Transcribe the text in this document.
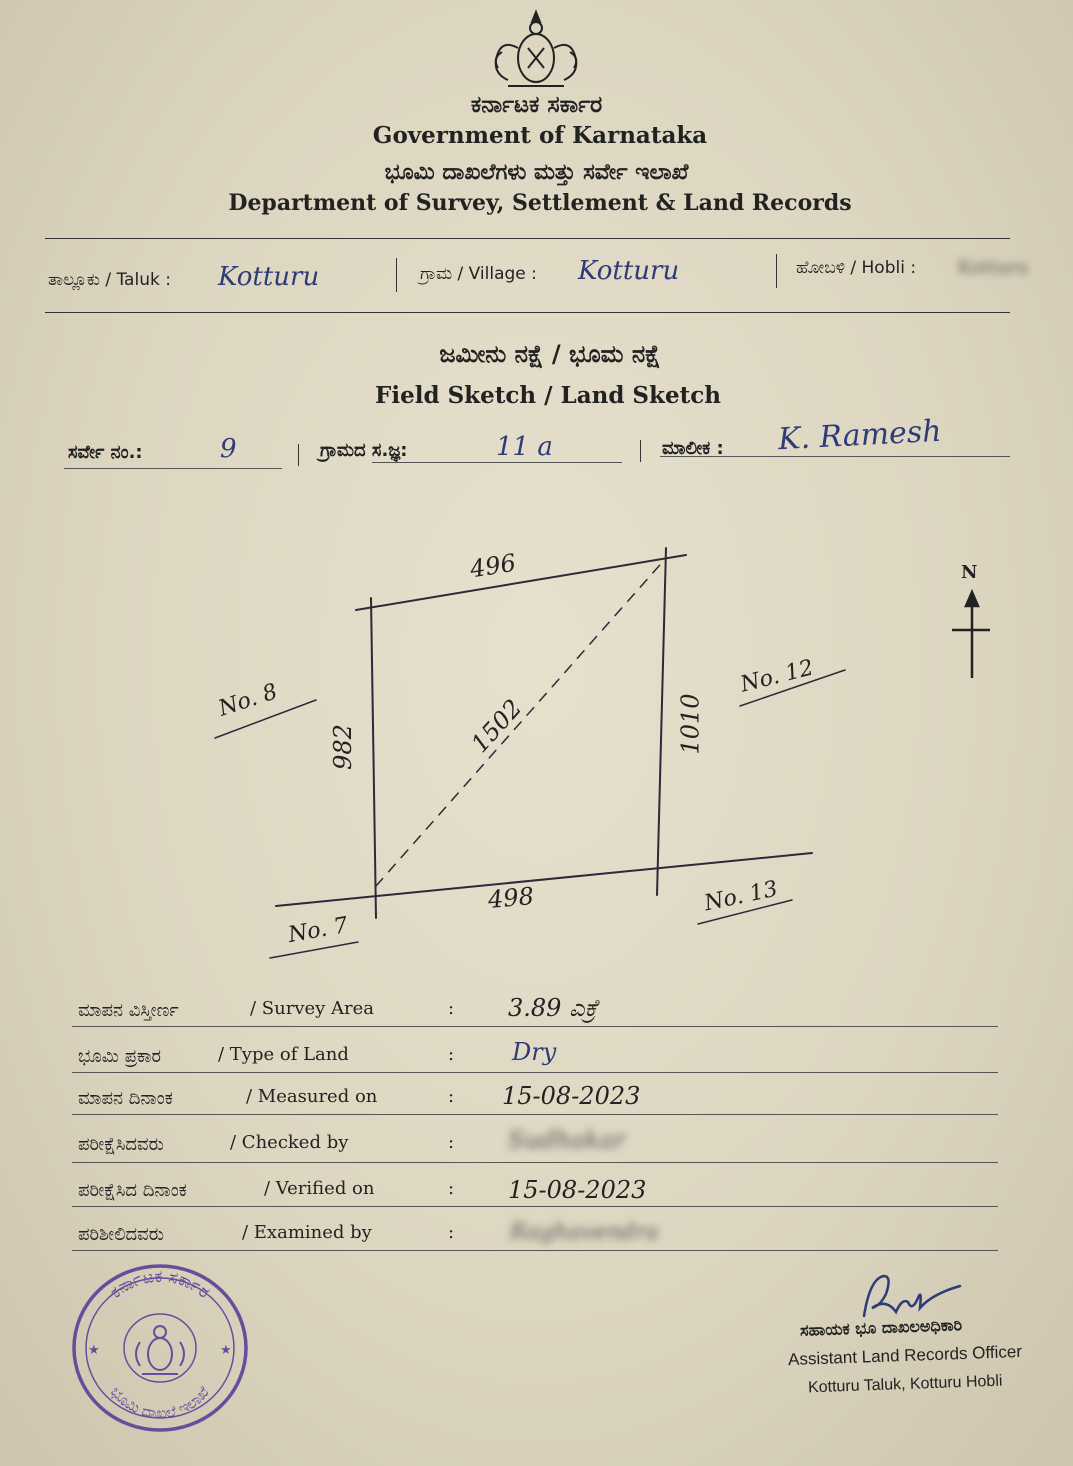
ಕರ್ನಾಟಕ ಸರ್ಕಾರ
Government of Karnataka
ಭೂಮಿ ದಾಖಲೆಗಳು ಮತ್ತು ಸರ್ವೇ ಇಲಾಖೆ
Department of Survey, Settlement & Land Records
ತಾಲ್ಲೂಕು / Taluk : Kotturu	ಗ್ರಾಮ / Village : Kotturu	ಹೋಬಳಿ / Hobli : Kotturu
ಜಮೀನು ನಕ್ಷೆ / ಭೂಮ ನಕ್ಷೆ
Field Sketch / Land Sketch
ಸರ್ವೇ ನಂ.:	9	ಗ್ರಾಮದ ಸ.ಜ್ಞ:	11 a	ಮಾಲೀಕ : K. Ramesh
496
498
982	1010
1502
No. 8
No. 12
No. 7
No. 13
N
ಮಾಪನ ವಿಸ್ತೀರ್ಣ	/ Survey Area	: 3.89 ಎಕ್ರೆ
ಭೂಮಿ ಪ್ರಕಾರ	/ Type of Land	: Dry
ಮಾಪನ ದಿನಾಂಕ	/ Measured on	: 15-08-2023
ಪರೀಕ್ಷೆಸಿದವರು	/ Checked by	: Sudhakar
ಪರೀಕ್ಷೆಸಿದ ದಿನಾಂಕ	/ Verified on	: 15-08-2023
ಪರಿಶೀಲಿದವರು	/ Examined by	:	Raghavendra
ಕರ್ನಾಟಕ ಸರ್ಕಾರ
ಭೂಮಿ ದಾಖಲೆ ಇಲಾಖೆ
★	★
ಸಹಾಯಕ ಭೂ ದಾಖಲಅಧಿಕಾರಿ
Assistant Land Records Officer
Kotturu Taluk, Kotturu Hobli
